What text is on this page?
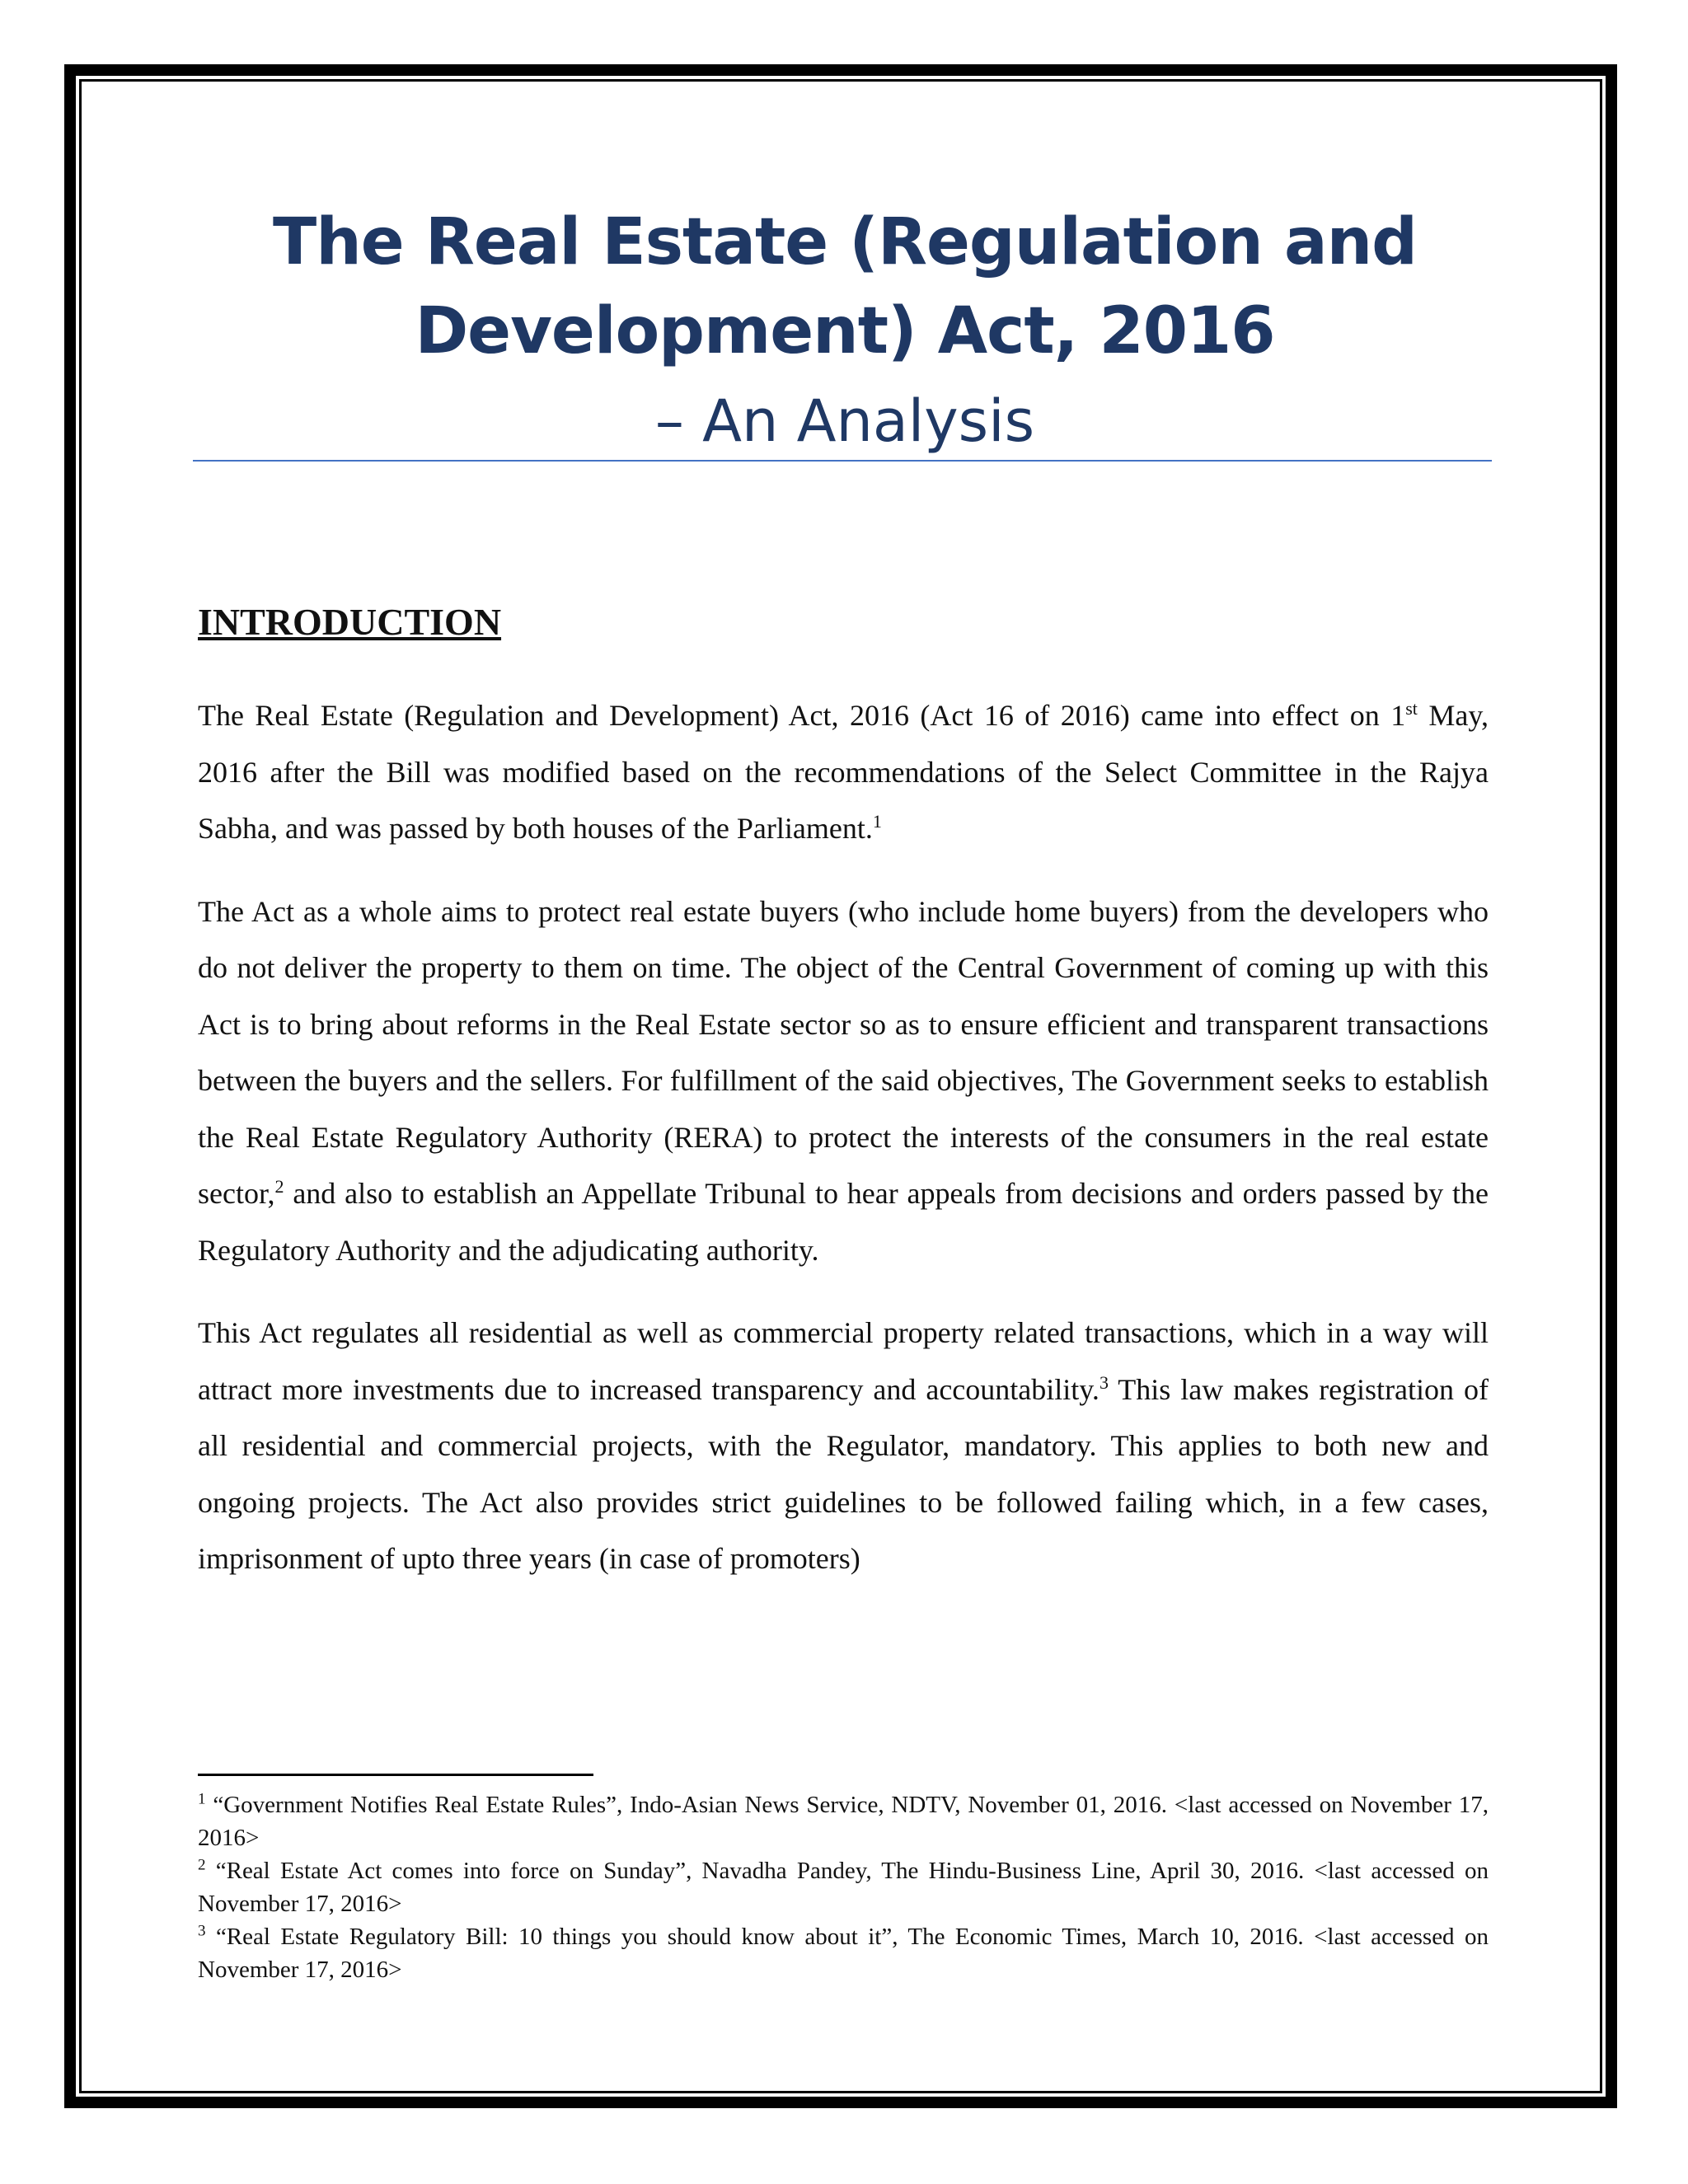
The Real Estate (Regulation and
Development) Act, 2016
– An Analysis
INTRODUCTION

The Real Estate (Regulation and Development) Act, 2016 (Act 16 of 2016) came into effect on 1st May, 2016 after the Bill was modified based on the recommendations of the Select Committee in the Rajya Sabha, and was passed by both houses of the Parliament.$^1$

The Act as a whole aims to protect real estate buyers (who include home buyers) from the developers who do not deliver the property to them on time. The object of the Central Government of coming up with this Act is to bring about reforms in the Real Estate sector so as to ensure efficient and transparent transactions between the buyers and the sellers. For fulfillment of the said objectives, The Government seeks to establish the Real Estate Regulatory Authority (RERA) to protect the interests of the consumers in the real estate sector,$^2$ and also to establish an Appellate Tribunal to hear appeals from decisions and orders passed by the Regulatory Authority and the adjudicating authority.

This Act regulates all residential as well as commercial property related transactions, which in a way will attract more investments due to increased transparency and accountability.$^3$ This law makes registration of all residential and commercial projects, with the Regulator, mandatory. This applies to both new and ongoing projects. The Act also provides strict guidelines to be followed failing which, in a few cases, imprisonment of upto three years (in case of promoters)

$^1$ “Government Notifies Real Estate Rules”, Indo-Asian News Service, NDTV, November 01, 2016. <last accessed on November 17, 2016>

$^2$ “Real Estate Act comes into force on Sunday”, Navadha Pandey, The Hindu-Business Line, April 30, 2016. <last accessed on November 17, 2016>

$^3$ “Real Estate Regulatory Bill: 10 things you should know about it”, The Economic Times, March 10, 2016. <last accessed on November 17, 2016>
